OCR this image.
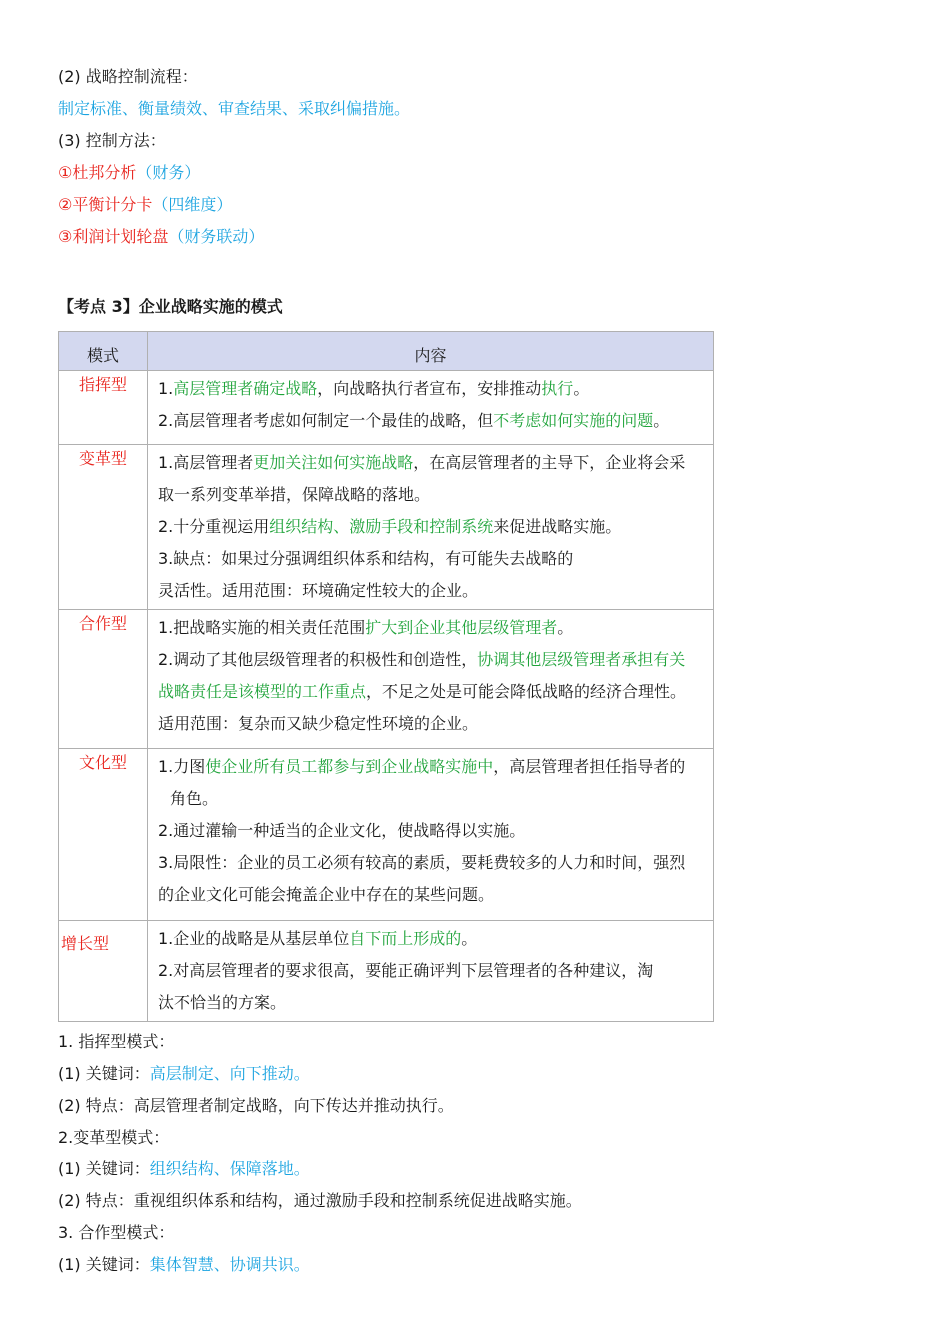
(2) 战略控制流程：
制定标准、衡量绩效、审查结果、采取纠偏措施。
(3) 控制方法：
①杜邦分析（财务）
②平衡计分卡（四维度）
③利润计划轮盘（财务联动）
【考点 3】企业战略实施的模式
模式	内容

指挥型	1.高层管理者确定战略，向战略执行者宣布，安排推动执行。
2.高层管理者考虑如何制定一个最佳的战略，但不考虑如何实施的问题。

变革型	1.高层管理者更加关注如何实施战略，在高层管理者的主导下，企业将会采
取一系列变革举措，保障战略的落地。
2.十分重视运用组织结构、激励手段和控制系统来促进战略实施。
3.缺点：如果过分强调组织体系和结构，有可能失去战略的
灵活性。适用范围：环境确定性较大的企业。

合作型	1.把战略实施的相关责任范围扩大到企业其他层级管理者。
2.调动了其他层级管理者的积极性和创造性，协调其他层级管理者承担有关
战略责任是该模型的工作重点，不足之处是可能会降低战略的经济合理性。
适用范围：复杂而又缺少稳定性环境的企业。

文化型	1.力图使企业所有员工都参与到企业战略实施中，高层管理者担任指导者的
角色。
2.通过灌输一种适当的企业文化，使战略得以实施。
3.局限性：企业的员工必须有较高的素质，要耗费较多的人力和时间，强烈
的企业文化可能会掩盖企业中存在的某些问题。

增长型	1.企业的战略是从基层单位自下而上形成的。
2.对高层管理者的要求很高，要能正确评判下层管理者的各种建议，淘
汰不恰当的方案。
1. 指挥型模式：
(1) 关键词：高层制定、向下推动。
(2) 特点：高层管理者制定战略，向下传达并推动执行。
2.变革型模式：
(1) 关键词：组织结构、保障落地。
(2) 特点：重视组织体系和结构，通过激励手段和控制系统促进战略实施。
3. 合作型模式：
(1) 关键词：集体智慧、协调共识。
